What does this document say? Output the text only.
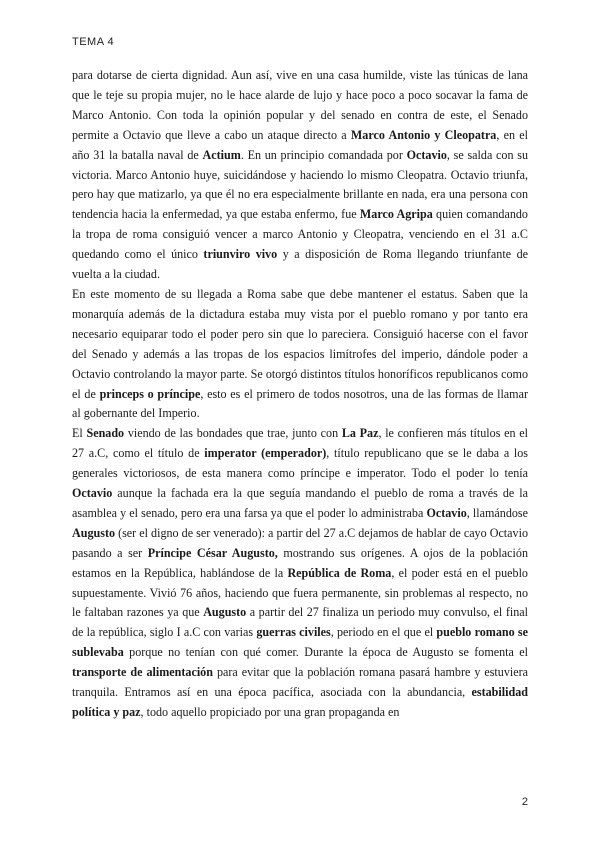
TEMA 4

para dotarse de cierta dignidad. Aun así, vive en una casa humilde, viste las túnicas de lana que le teje su propia mujer, no le hace alarde de lujo y hace poco a poco socavar la fama de Marco Antonio. Con toda la opinión popular y del senado en contra de este, el Senado permite a Octavio que lleve a cabo un ataque directo a Marco Antonio y Cleopatra, en el año 31 la batalla naval de Actium. En un principio comandada por Octavio, se salda con su victoria. Marco Antonio huye, suicidándose y haciendo lo mismo Cleopatra. Octavio triunfa, pero hay que matizarlo, ya que él no era especialmente brillante en nada, era una persona con tendencia hacia la enfermedad, ya que estaba enfermo, fue Marco Agripa quien comandando la tropa de roma consiguió vencer a marco Antonio y Cleopatra, venciendo en el 31 a.C quedando como el único triunviro vivo y a disposición de Roma llegando triunfante de vuelta a la ciudad.

En este momento de su llegada a Roma sabe que debe mantener el estatus. Saben que la monarquía además de la dictadura estaba muy vista por el pueblo romano y por tanto era necesario equiparar todo el poder pero sin que lo pareciera. Consiguió hacerse con el favor del Senado y además a las tropas de los espacios limítrofes del imperio, dándole poder a Octavio controlando la mayor parte. Se otorgó distintos títulos honoríficos republicanos como el de princeps o príncipe, esto es el primero de todos nosotros, una de las formas de llamar al gobernante del Imperio.

El Senado viendo de las bondades que trae, junto con La Paz, le confieren más títulos en el 27 a.C, como el título de imperator (emperador), título republicano que se le daba a los generales victoriosos, de esta manera como príncipe e imperator. Todo el poder lo tenía Octavio aunque la fachada era la que seguía mandando el pueblo de roma a través de la asamblea y el senado, pero era una farsa ya que el poder lo administraba Octavio, llamándose Augusto (ser el digno de ser venerado): a partir del 27 a.C dejamos de hablar de cayo Octavio pasando a ser Príncipe César Augusto, mostrando sus orígenes. A ojos de la población estamos en la República, hablándose de la República de Roma, el poder está en el pueblo supuestamente. Vivió 76 años, haciendo que fuera permanente, sin problemas al respecto, no le faltaban razones ya que Augusto a partir del 27 finaliza un periodo muy convulso, el final de la república, siglo I a.C con varias guerras civiles, periodo en el que el pueblo romano se sublevaba porque no tenían con qué comer. Durante la época de Augusto se fomenta el transporte de alimentación para evitar que la población romana pasará hambre y estuviera tranquila. Entramos así en una época pacífica, asociada con la abundancia, estabilidad política y paz, todo aquello propiciado por una gran propaganda en

2
